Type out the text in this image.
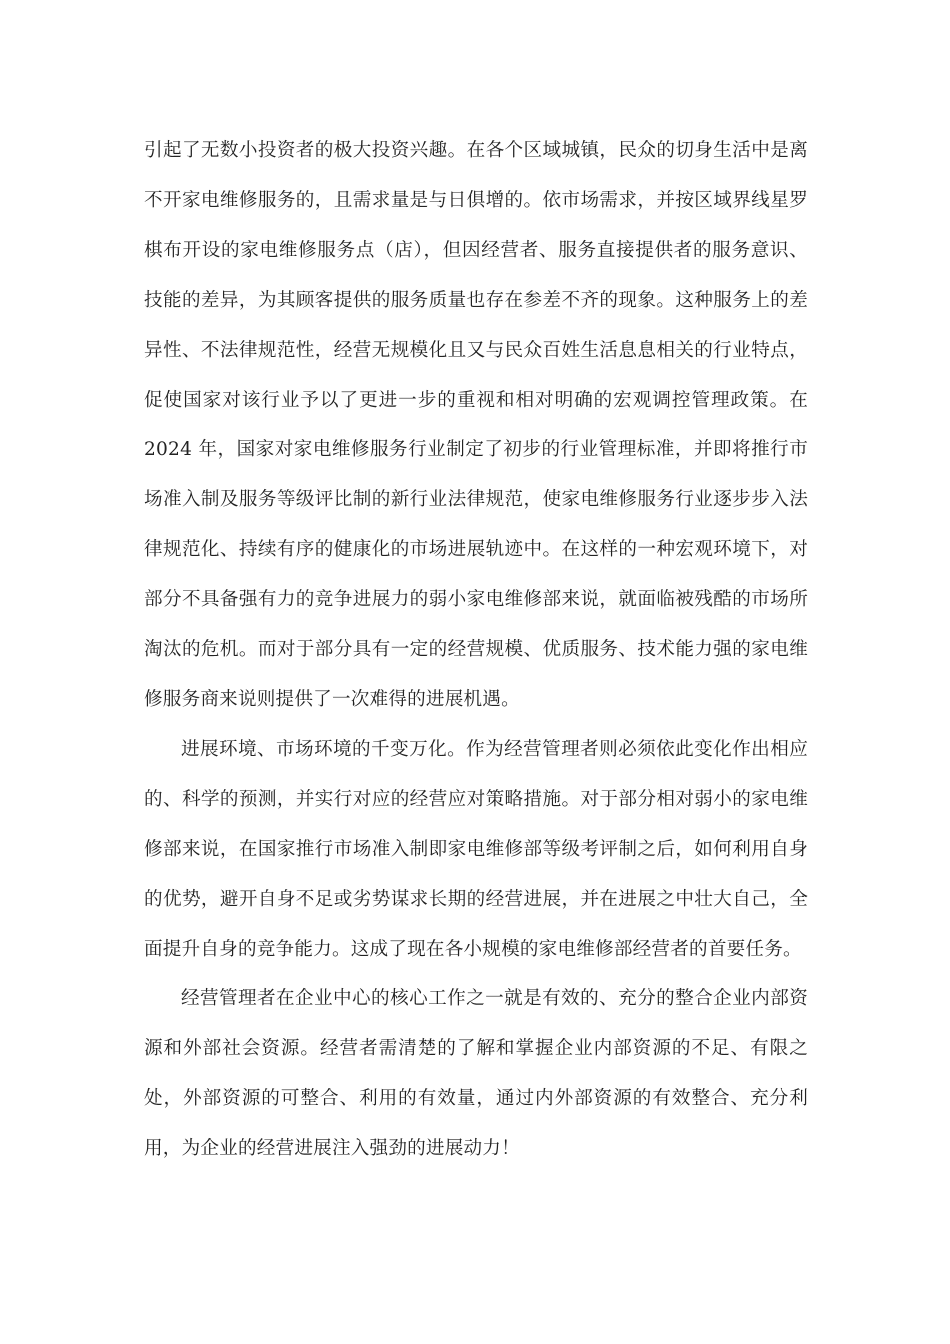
引起了无数小投资者的极大投资兴趣。在各个区域城镇，民众的切身生活中是离不开家电维修服务的，且需求量是与日俱增的。依市场需求，并按区域界线星罗棋布开设的家电维修服务点（店），但因经营者、服务直接提供者的服务意识、技能的差异，为其顾客提供的服务质量也存在参差不齐的现象。这种服务上的差异性、不法律规范性，经营无规模化且又与民众百姓生活息息相关的行业特点，促使国家对该行业予以了更进一步的重视和相对明确的宏观调控管理政策。在 2024 年，国家对家电维修服务行业制定了初步的行业管理标准，并即将推行市场准入制及服务等级评比制的新行业法律规范，使家电维修服务行业逐步步入法律规范化、持续有序的健康化的市场进展轨迹中。在这样的一种宏观环境下，对部分不具备强有力的竞争进展力的弱小家电维修部来说，就面临被残酷的市场所淘汰的危机。而对于部分具有一定的经营规模、优质服务、技术能力强的家电维修服务商来说则提供了一次难得的进展机遇。

进展环境、市场环境的千变万化。作为经营管理者则必须依此变化作出相应的、科学的预测，并实行对应的经营应对策略措施。对于部分相对弱小的家电维修部来说，在国家推行市场准入制即家电维修部等级考评制之后，如何利用自身的优势，避开自身不足或劣势谋求长期的经营进展，并在进展之中壮大自己，全面提升自身的竞争能力。这成了现在各小规模的家电维修部经营者的首要任务。

经营管理者在企业中心的核心工作之一就是有效的、充分的整合企业内部资源和外部社会资源。经营者需清楚的了解和掌握企业内部资源的不足、有限之处，外部资源的可整合、利用的有效量，通过内外部资源的有效整合、充分利用，为企业的经营进展注入强劲的进展动力！
